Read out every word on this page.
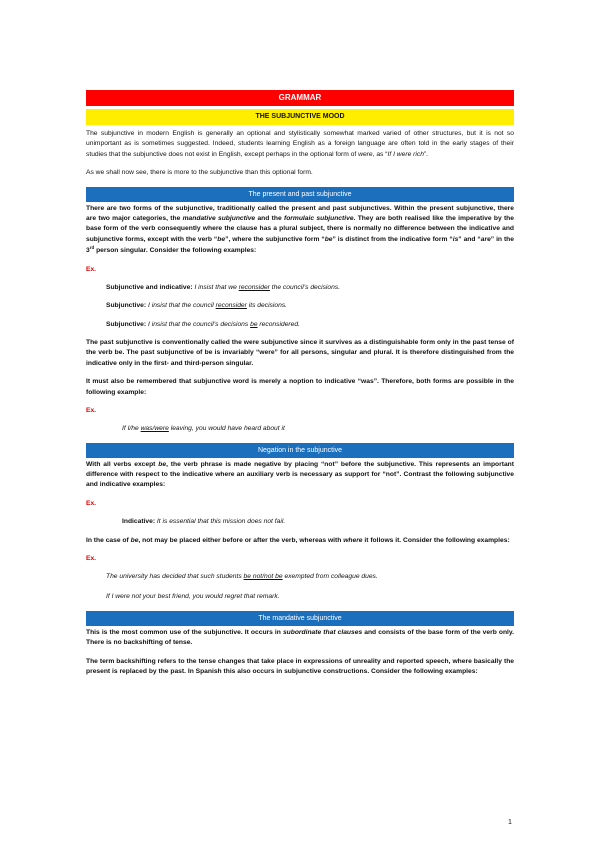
GRAMMAR
THE SUBJUNCTIVE MOOD

The subjunctive in modern English is generally an optional and stylistically somewhat marked varied of other structures, but it is not so unimportant as is sometimes suggested. Indeed, students learning English as a foreign language are often told in the early stages of their studies that the subjunctive does not exist in English, except perhaps in the optional form of were, as “If I were rich”.

As we shall now see, there is more to the subjunctive than this optional form.

The present and past subjunctive

There are two forms of the subjunctive, traditionally called the present and past subjunctives. Within the present subjunctive, there are two major categories, the mandative subjunctive and the formulaic subjunctive. They are both realised like the imperative by the base form of the verb consequently where the clause has a plural subject, there is normally no difference between the indicative and subjunctive forms, except with the verb “be”, where the subjunctive form “be” is distinct from the indicative form “is” and “are” in the 3rd person singular. Consider the following examples:

Ex.
Subjunctive and indicative: I insist that we reconsider the council’s decisions.
Subjunctive: I insist that the council reconsider its decisions.
Subjunctive: I insist that the council’s decisions be reconsidered.

The past subjunctive is conventionally called the were subjunctive since it survives as a distinguishable form only in the past tense of the verb be. The past subjunctive of be is invariably “were” for all persons, singular and plural. It is therefore distinguished from the indicative only in the first- and third-person singular.

It must also be remembered that subjunctive word is merely a noption to indicative “was”. Therefore, both forms are possible in the following example:

Ex.
If I/he was/were leaving, you would have heard about it
Negation in the subjunctive

With all verbs except be, the verb phrase is made negative by placing “not” before the subjunctive. This represents an important difference with respect to the indicative where an auxiliary verb is necessary as support for “not”. Contrast the following subjunctive and indicative examples:

Ex.
Indicative: It is essential that this mission does not fail.

In the case of be, not may be placed either before or after the verb, whereas with where it follows it. Consider the following examples:

Ex.
The university has decided that such students be not/not be exempted from colleague dues.
If I were not your best friend, you would regret that remark.
The mandative subjunctive

This is the most common use of the subjunctive. It occurs in subordinate that clauses and consists of the base form of the verb only. There is no backshifting of tense.

The term backshifting refers to the tense changes that take place in expressions of unreality and reported speech, where basically the present is replaced by the past. In Spanish this also occurs in subjunctive constructions. Consider the following examples:

1
